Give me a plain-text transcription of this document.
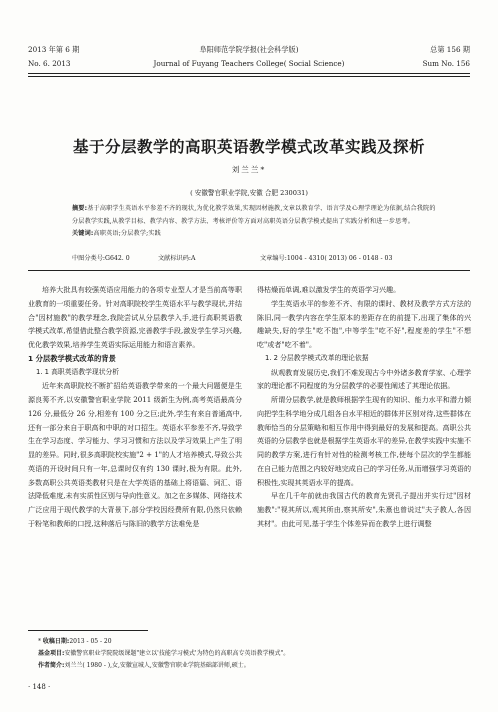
2013 年第 6 期	阜阳师范学院学报(社会科学版)	总第 156 期
No. 6. 2013	Journal of Fuyang Teachers College( Social Science)	Sum No. 156
基于分层教学的高职英语教学模式改革实践及探析
刘兰兰*
( 安徽警官职业学院,安徽 合肥 230031)

摘要:基于高职学生英语水平参差不齐的现状,为优化教学效果,实现因材施教,文章以教育学、语言学及心理学理论为依据,结合我院的分层教学实践,从教学目标、教学内容、教学方法、考核评价等方面对高职英语分层教学模式提出了实践分析和进一步思考。

关键词:高职英语;分层教学;实践

中图分类号:G642. 0	文献标识码:A	文章编号:1004 - 4310( 2013) 06 - 0148 - 03

培养大批具有较强英语应用能力的各项专业型人才是当前高等职业教育的一项重要任务。针对高职院校学生英语水平与教学现状,并结合"因材施教"的教学理念,我院尝试从分层教学入手,进行高职英语教学模式改革,希望借此整合教学资源,完善教学手段,激发学生学习兴趣,优化教学效果,培养学生英语实际运用能力和语言素养。

1 分层教学模式改革的背景

1. 1 高职英语教学现状分析

近年来高职院校不断扩招给英语教学带来的一个最大问题便是生源良莠不齐,以安徽警官职业学院 2011 级新生为例,高考英语最高分 126 分,最低分 26 分,相差有 100 分之巨;此外,学生有来自普通高中,还有一部分来自于职高和中职的对口招生。英语水平参差不齐,导致学生在学习态度、学习能力、学习习惯和方法以及学习效果上产生了明显的差异。同时,很多高职院校实施"2 + 1"的人才培养模式,导致公共英语的开设时间只有一年,总课时仅有约 130 课时,极为有限。此外,多数高职公共英语类教材只是在大学英语的基础上将语篇、词汇、语法降低难度,未有实质性区别与导向性意义。加之在多媒体、网络技术广泛应用于现代教学的大背景下,部分学校因经费所有限,仍然只依赖于粉笔和教师的口授,这种落后与陈旧的教学方法难免是

得枯燥而单调,难以激发学生的英语学习兴趣。

学生英语水平的参差不齐、有限的课时、教材及教学方式方法的陈旧,同一教学内容在学生原本的差距存在的前提下,出现了集体的兴趣缺失,好的学生"吃不饱",中等学生"吃不好",程度差的学生"不想吃"或者"吃不着"。

1. 2 分层教学模式改革的理论依据

纵观教育发展历史,我们不难发现古今中外诸多教育学家、心理学家的理论都不同程度的为分层教学的必要性阐述了其理论依据。

所谓分层教学,就是教师根据学生现有的知识、能力水平和潜力倾向把学生科学地分成几组各自水平相近的群体并区别对待,这些群体在教师恰当的分层策略和相互作用中得到最好的发展和提高。高职公共英语的分层教学也就是根据学生英语水平的差异,在教学实践中实施不同的教学方案,进行有针对性的检测考核工作,使每个层次的学生都能在自己能力范围之内较好地完成自己的学习任务,从而增强学习英语的积极性,实现其英语水平的提高。

早在几千年前就由我国古代的教育先贤孔子提出并实行过"因材施教":"视其所以,观其所由,察其所安",朱熹也曾说过"夫子教人,各因其材"。由此可见,基于学生个体差异而在教学上进行调整

* 收稿日期:2013 - 05 - 20

基金项目:安徽警官职业学院院级课题"建立以'技能学习模式'为特色的高职高专英语教学模式"。

作者简介:刘兰兰( 1980 - ),女,安徽宣城人,安徽警官职业学院基础部讲师,硕士。

· 148 ·
